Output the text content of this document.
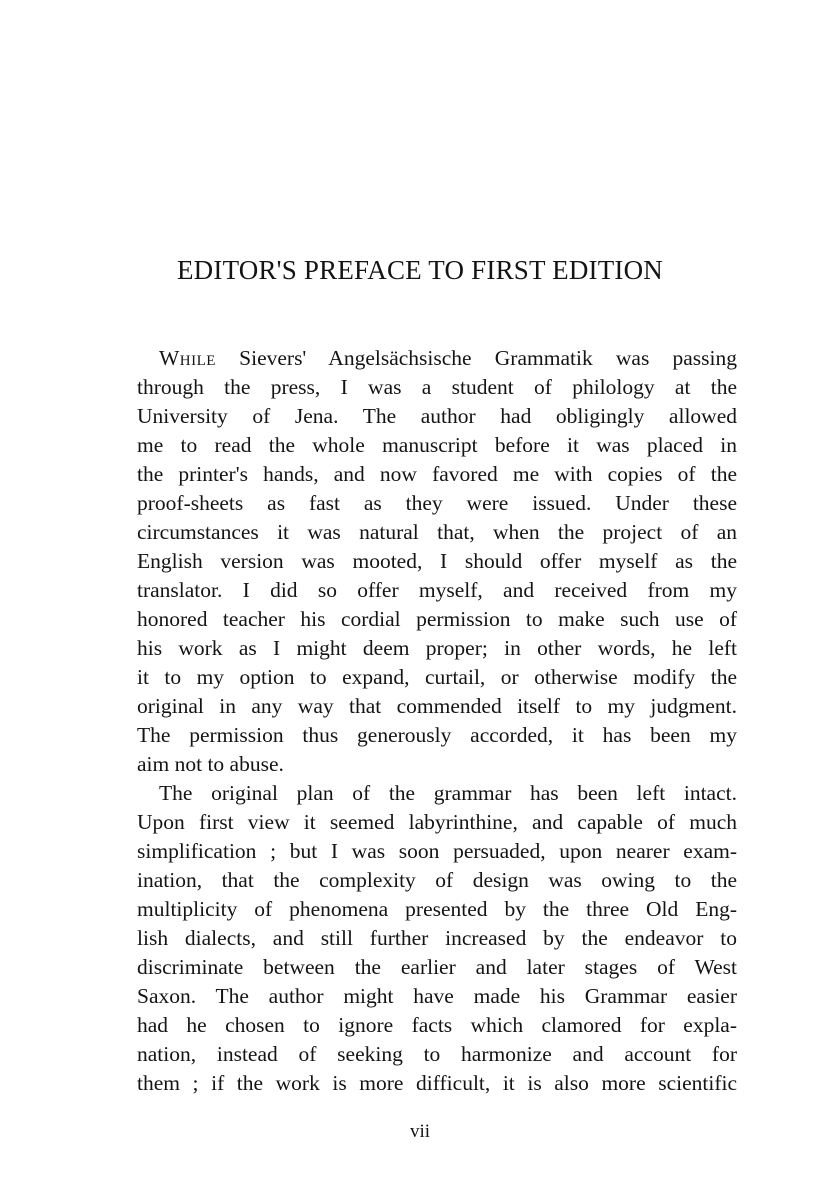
EDITOR'S PREFACE TO FIRST EDITION
While Sievers' Angelsächsische Grammatik was passing
through the press, I was a student of philology at the
University of Jena. The author had obligingly allowed
me to read the whole manuscript before it was placed in
the printer's hands, and now favored me with copies of the
proof-sheets as fast as they were issued. Under these
circumstances it was natural that, when the project of an
English version was mooted, I should offer myself as the
translator. I did so offer myself, and received from my
honored teacher his cordial permission to make such use of
his work as I might deem proper; in other words, he left
it to my option to expand, curtail, or otherwise modify the
original in any way that commended itself to my judgment.
The permission thus generously accorded, it has been my
aim not to abuse.
The original plan of the grammar has been left intact.
Upon first view it seemed labyrinthine, and capable of much
simplification ; but I was soon persuaded, upon nearer exam-
ination, that the complexity of design was owing to the
multiplicity of phenomena presented by the three Old Eng-
lish dialects, and still further increased by the endeavor to
discriminate between the earlier and later stages of West
Saxon. The author might have made his Grammar easier
had he chosen to ignore facts which clamored for expla-
nation, instead of seeking to harmonize and account for
them ; if the work is more difficult, it is also more scientific
vii
